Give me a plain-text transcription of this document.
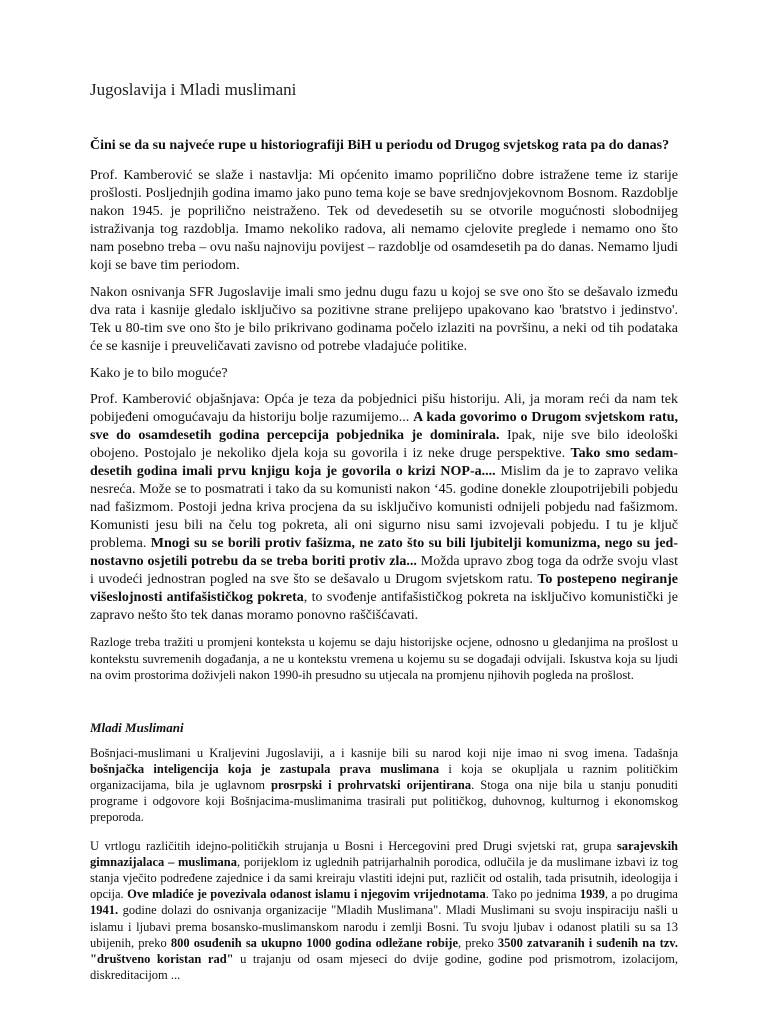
Jugoslavija i Mladi muslimani

Čini se da su najveće rupe u historiografiji BiH u periodu od Drugog svjetskog rata pa do danas?

Prof. Kamberović se slaže i nastavlja: Mi općenito imamo poprilično dobre istražene teme iz starije prošlosti. Posljednjih godina imamo jako puno tema koje se bave srednjovjekovnom Bosnom. Razdoblje nakon 1945. je poprilično neistraženo. Tek od devedesetih su se otvorile mogućnosti slobodnijeg istraživanja tog razdoblja. Imamo nekoliko radova, ali nemamo cjelovite preglede i nemamo ono što nam posebno treba – ovu našu najnoviju povijest – razdoblje od osamdesetih pa do danas. Nemamo ljudi koji se bave tim periodom.

Nakon osnivanja SFR Jugoslavije imali smo jednu dugu fazu u kojoj se sve ono što se dešavalo između dva rata i kasnije gledalo isključivo sa pozitivne strane prelijepo upakovano kao 'bratstvo i jedinstvo'. Tek u 80-tim sve ono što je bilo prikrivano godinama počelo izlaziti na površinu, a neki od tih podataka će se kasnije i preuveličavati zavisno od potrebe vladajuće politike.

Kako je to bilo moguće?

Prof. Kamberović objašnjava: Opća je teza da pobjednici pišu historiju. Ali, ja moram reći da nam tek pobijeđeni omogućavaju da historiju bolje razumijemo... A kada govorimo o Drugom svjetskom ratu, sve do osamdesetih godina percepcija pobjednika je dominirala. Ipak, nije sve bilo ideološki obojeno. Postojalo je nekoliko djela koja su govorila i iz neke druge perspektive. Tako smo sedam-desetih godina imali prvu knjigu koja je govorila o krizi NOP-a.... Mislim da je to zapravo velika nesreća. Može se to posmatrati i tako da su komunisti nakon ‘45. godine donekle zloupotrijebili pobjedu nad fašizmom. Postoji jedna kriva procjena da su isključivo komunisti odnijeli pobjedu nad fašizmom. Komunisti jesu bili na čelu tog pokreta, ali oni sigurno nisu sami izvojevali pobjedu. I tu je ključ problema. Mnogi su se borili protiv fašizma, ne zato što su bili ljubitelji komunizma, nego su jed-nostavno osjetili potrebu da se treba boriti protiv zla... Možda upravo zbog toga da održe svoju vlast i uvodeći jednostran pogled na sve što se dešavalo u Drugom svjetskom ratu. To postepeno negiranje višeslojnosti antifašističkog pokreta, to svođenje antifašističkog pokreta na isključivo komunistički je zapravo nešto što tek danas moramo ponovno raščišćavati.

Razloge treba tražiti u promjeni konteksta u kojemu se daju historijske ocjene, odnosno u gledanjima na prošlost u kontekstu suvremenih događanja, a ne u kontekstu vremena u kojemu su se događaji odvijali. Iskustva koja su ljudi na ovim prostorima doživjeli nakon 1990-ih presudno su utjecala na promjenu njihovih pogleda na prošlost.

Mladi Muslimani

Bošnjaci-muslimani u Kraljevini Jugoslaviji, a i kasnije bili su narod koji nije imao ni svog imena. Tadašnja bošnjačka inteligencija koja je zastupala prava muslimana i koja se okupljala u raznim političkim organizacijama, bila je uglavnom prosrpski i prohrvatski orijentirana. Stoga ona nije bila u stanju ponuditi programe i odgovore koji Bošnjacima-muslimanima trasirali put političkog, duhovnog, kulturnog i ekonomskog preporoda.

U vrtlogu različitih idejno-političkih strujanja u Bosni i Hercegovini pred Drugi svjetski rat, grupa sarajevskih gimnazijalaca – muslimana, porijeklom iz uglednih patrijarhalnih porodica, odlučila je da muslimane izbavi iz tog stanja vječito podređene zajednice i da sami kreiraju vlastiti idejni put, različit od ostalih, tada prisutnih, ideologija i opcija. Ove mladiće je povezivala odanost islamu i njegovim vrijednotama. Tako po jednima 1939, a po drugima 1941. godine dolazi do osnivanja organizacije "Mladih Muslimana". Mladi Muslimani su svoju inspiraciju našli u islamu i ljubavi prema bosansko-muslimanskom narodu i zemlji Bosni. Tu svoju ljubav i odanost platili su sa 13 ubijenih, preko 800 osuđenih sa ukupno 1000 godina odležane robije, preko 3500 zatvaranih i suđenih na tzv. "društveno koristan rad" u trajanju od osam mjeseci do dvije godine, godine pod prismotrom, izolacijom, diskreditacijom ...
